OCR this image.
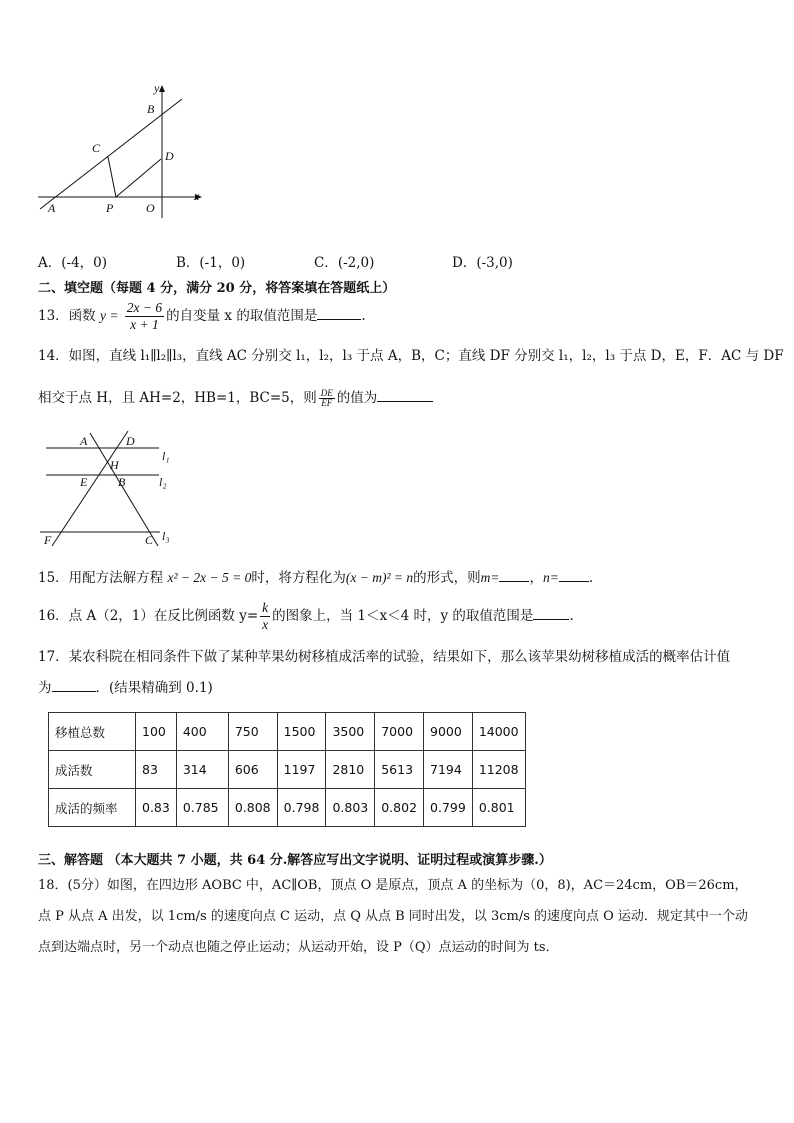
y
x
B
C
D
A	P	O
A．(-4，0)	B．(-1，0)	C．(-2,0)	D．(-3,0)
二、填空题（每题 4 分，满分 20 分，将答案填在答题纸上）
13．函数 $y = \frac{2x - 6}{x + 1}$ 的自变量 x 的取值范围是	.
14．如图，直线 l₁∥l₂∥l₃，直线 AC 分别交 l₁，l₂，l₃ 于点 A，B，C；直线 DF 分别交 l₁，l₂，l₃ 于点 D，E，F．AC 与 DF
相交于点 H，且 AH=2，HB=1，BC=5，则 $\frac{DE}{EF}$ 的值为
A	D
H
E	B
F	C
l₁
l₂
l₃
15．用配方法解方程 x² − 2x − 5 = 0时，将方程化为(x − m)² = n的形式，则m= ，n= .
16．点 A（2，1）在反比例函数 $y= \frac{k}{x}$ 的图象上，当 1＜x＜4 时，y 的取值范围是	.
17．某农科院在相同条件下做了某种苹果幼树移植成活率的试验，结果如下，那么该苹果幼树移植成活的概率估计值
为	．(结果精确到 0.1)
移植总数	100	400	750	1500	3500	7000	9000	14000
成活数	83	314	606	1197	2810	5613	7194	11208
成活的频率	0.83	0.785	0.808	0.798	0.803	0.802	0.799	0.801
三、解答题 （本大题共 7 小题，共 64 分.解答应写出文字说明、证明过程或演算步骤.）
18．(5分）如图，在四边形 AOBC 中，AC∥OB，顶点 O 是原点，顶点 A 的坐标为（0，8)，AC＝24cm，OB＝26cm，
点 P 从点 A 出发，以 1cm/s 的速度向点 C 运动，点 Q 从点 B 同时出发，以 3cm/s 的速度向点 O 运动．规定其中一个动
点到达端点时，另一个动点也随之停止运动；从运动开始，设 P（Q）点运动的时间为 ts．
